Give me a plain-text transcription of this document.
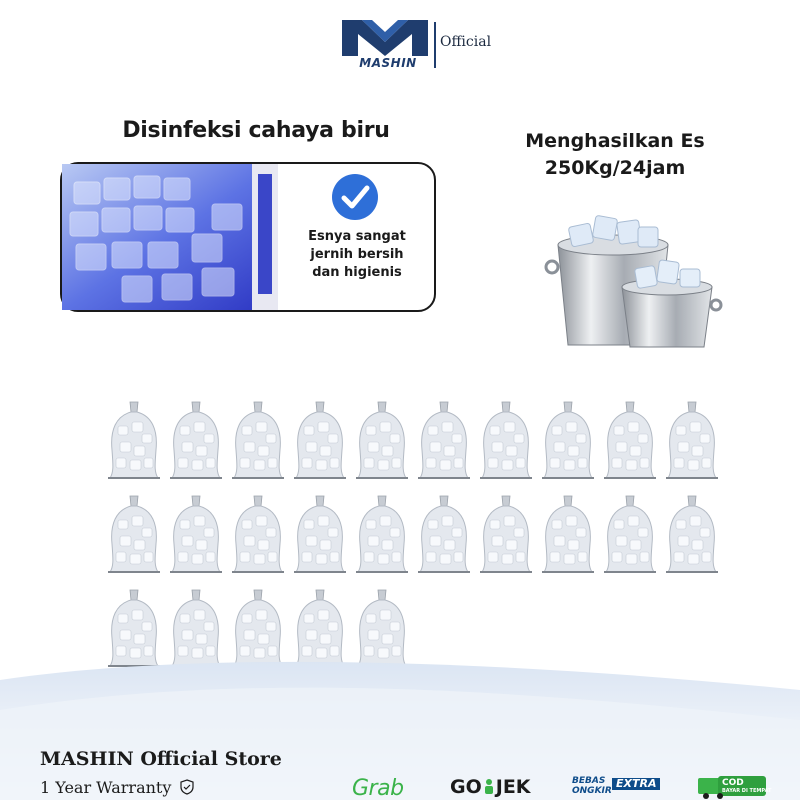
MASHIN
Official
Disinfeksi cahaya biru
Esnya sangat
jernih bersih
dan higienis
Menghasilkan Es
250Kg/24jam
MASHIN Official Store
1 Year Warranty	Grab GO JEK	BEBAS
ONGKIR
EXTRA	COD
BAYAR DI TEMPAT
